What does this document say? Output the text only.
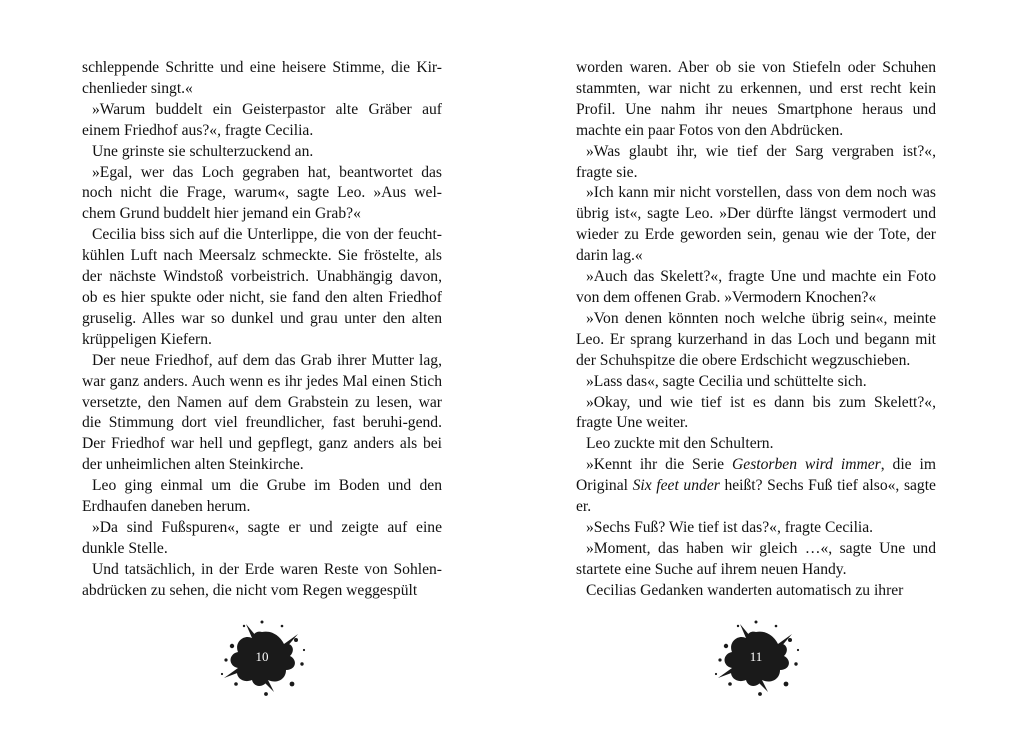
schleppende Schritte und eine heisere Stimme, die Kir-chenlieder singt.«

»Warum buddelt ein Geisterpastor alte Gräber auf einem Friedhof aus?«, fragte Cecilia.

Une grinste sie schulterzuckend an.

»Egal, wer das Loch gegraben hat, beantwortet das noch nicht die Frage, warum«, sagte Leo. »Aus wel-chem Grund buddelt hier jemand ein Grab?«

Cecilia biss sich auf die Unterlippe, die von der feucht-kühlen Luft nach Meersalz schmeckte. Sie fröstelte, als der nächste Windstoß vorbeistrich. Unabhängig davon, ob es hier spukte oder nicht, sie fand den alten Friedhof gruselig. Alles war so dunkel und grau unter den alten krüppeligen Kiefern.

Der neue Friedhof, auf dem das Grab ihrer Mutter lag, war ganz anders. Auch wenn es ihr jedes Mal einen Stich versetzte, den Namen auf dem Grabstein zu lesen, war die Stimmung dort viel freundlicher, fast beruhi-gend. Der Friedhof war hell und gepflegt, ganz anders als bei der unheimlichen alten Steinkirche.

Leo ging einmal um die Grube im Boden und den Erdhaufen daneben herum.

»Da sind Fußspuren«, sagte er und zeigte auf eine dunkle Stelle.

Und tatsächlich, in der Erde waren Reste von Sohlen-abdrücken zu sehen, die nicht vom Regen weggespült

10

worden waren. Aber ob sie von Stiefeln oder Schuhen stammten, war nicht zu erkennen, und erst recht kein Profil. Une nahm ihr neues Smartphone heraus und machte ein paar Fotos von den Abdrücken.

»Was glaubt ihr, wie tief der Sarg vergraben ist?«, fragte sie.

»Ich kann mir nicht vorstellen, dass von dem noch was übrig ist«, sagte Leo. »Der dürfte längst vermodert und wieder zu Erde geworden sein, genau wie der Tote, der darin lag.«

»Auch das Skelett?«, fragte Une und machte ein Foto von dem offenen Grab. »Vermodern Knochen?«

»Von denen könnten noch welche übrig sein«, meinte Leo. Er sprang kurzerhand in das Loch und begann mit der Schuhspitze die obere Erdschicht wegzuschieben.

»Lass das«, sagte Cecilia und schüttelte sich.

»Okay, und wie tief ist es dann bis zum Skelett?«, fragte Une weiter.

Leo zuckte mit den Schultern.

»Kennt ihr die Serie Gestorben wird immer, die im Original Six feet under heißt? Sechs Fuß tief also«, sagte er.

»Sechs Fuß? Wie tief ist das?«, fragte Cecilia.

»Moment, das haben wir gleich …«, sagte Une und startete eine Suche auf ihrem neuen Handy.

Cecilias Gedanken wanderten automatisch zu ihrer

11
